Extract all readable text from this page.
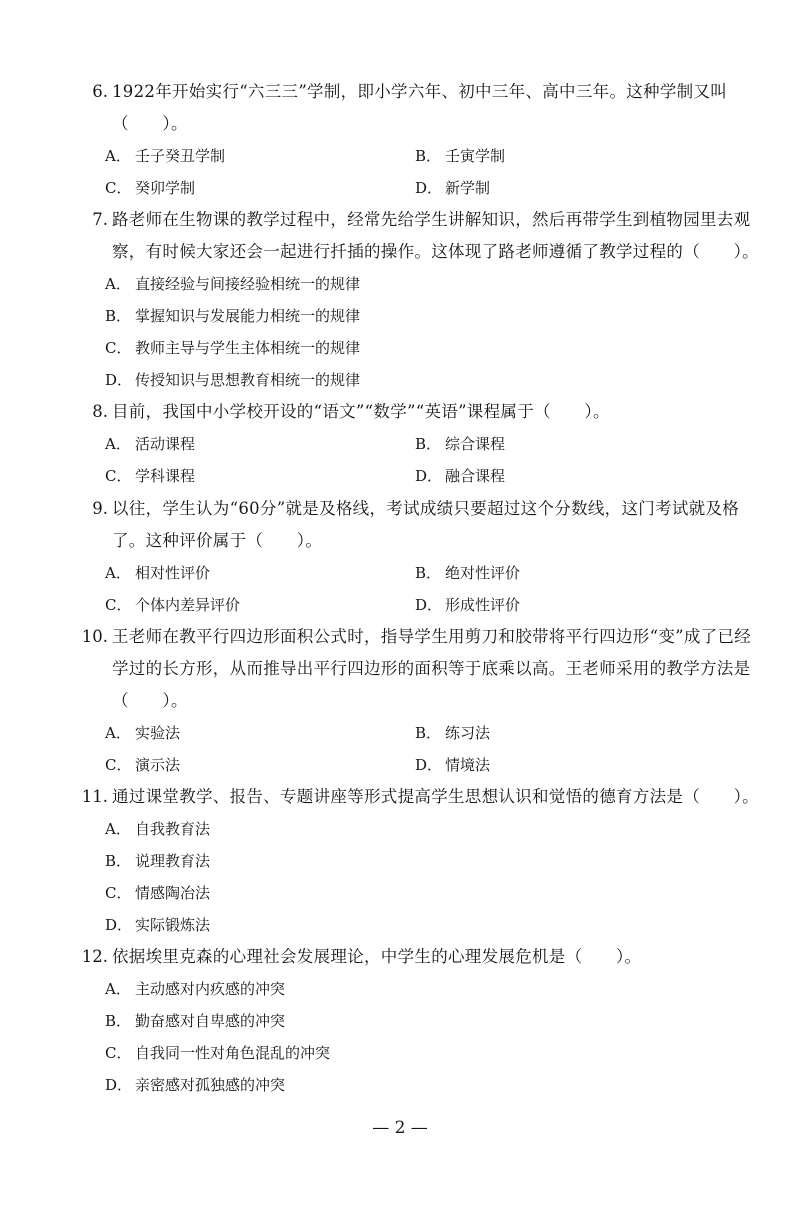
6. 1922年开始实行“六三三”学制，即小学六年、初中三年、高中三年。这种学制又叫（　　）。
A． 壬子癸丑学制	B． 壬寅学制
C． 癸卯学制	D． 新学制
7. 路老师在生物课的教学过程中，经常先给学生讲解知识，然后再带学生到植物园里去观察，有时候大家还会一起进行扦插的操作。这体现了路老师遵循了教学过程的（　　）。
A． 直接经验与间接经验相统一的规律
B． 掌握知识与发展能力相统一的规律
C． 教师主导与学生主体相统一的规律
D． 传授知识与思想教育相统一的规律
8. 目前，我国中小学校开设的“语文”“数学”“英语”课程属于（　　）。
A． 活动课程	B． 综合课程
C． 学科课程	D． 融合课程
9. 以往，学生认为“60分”就是及格线，考试成绩只要超过这个分数线，这门考试就及格了。这种评价属于（　　）。
A． 相对性评价	B． 绝对性评价
C． 个体内差异评价	D． 形成性评价
10. 王老师在教平行四边形面积公式时，指导学生用剪刀和胶带将平行四边形“变”成了已经学过的长方形，从而推导出平行四边形的面积等于底乘以高。王老师采用的教学方法是（　　）。
A． 实验法	B． 练习法
C． 演示法	D． 情境法
11. 通过课堂教学、报告、专题讲座等形式提高学生思想认识和觉悟的德育方法是（　　）。
A． 自我教育法
B． 说理教育法
C． 情感陶冶法
D． 实际锻炼法
12. 依据埃里克森的心理社会发展理论，中学生的心理发展危机是（　　）。
A． 主动感对内疚感的冲突
B． 勤奋感对自卑感的冲突
C． 自我同一性对角色混乱的冲突
D． 亲密感对孤独感的冲突
— 2 —
